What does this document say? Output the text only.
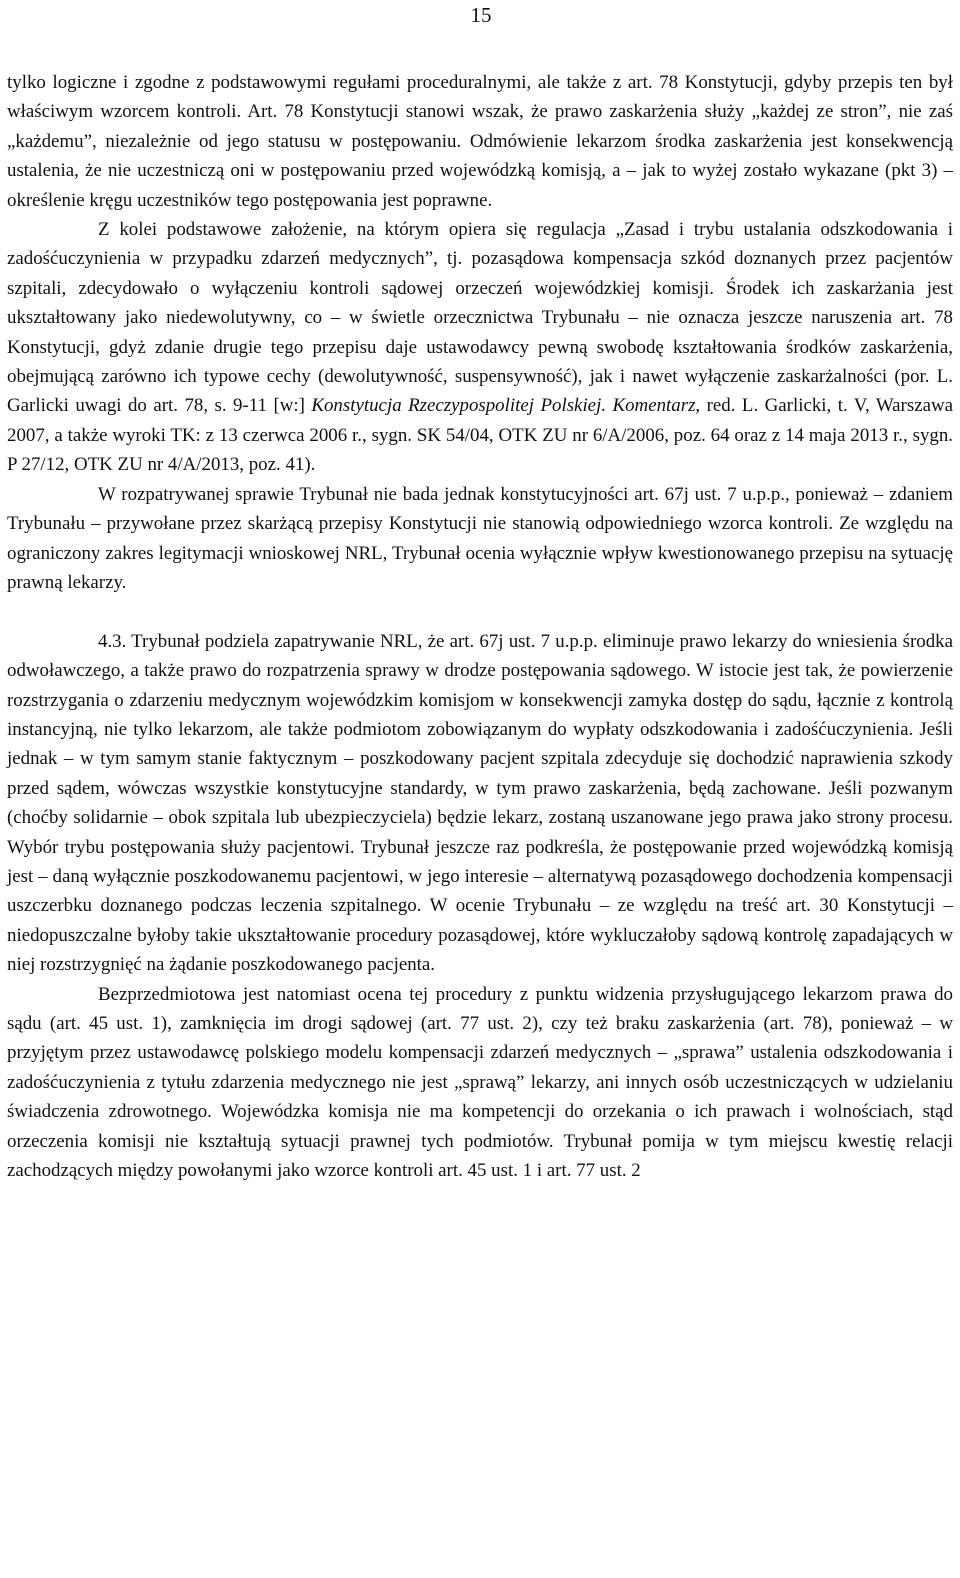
15

tylko logiczne i zgodne z podstawowymi regułami proceduralnymi, ale także z art. 78 Konstytucji, gdyby przepis ten był właściwym wzorcem kontroli. Art. 78 Konstytucji stanowi wszak, że prawo zaskarżenia służy „każdej ze stron”, nie zaś „każdemu”, niezależnie od jego statusu w postępowaniu. Odmówienie lekarzom środka zaskarżenia jest konsekwencją ustalenia, że nie uczestniczą oni w postępowaniu przed wojewódzką komisją, a – jak to wyżej zostało wykazane (pkt 3) – określenie kręgu uczestników tego postępowania jest poprawne.

Z kolei podstawowe założenie, na którym opiera się regulacja „Zasad i trybu ustalania odszkodowania i zadośćuczynienia w przypadku zdarzeń medycznych”, tj. pozasądowa kompensacja szkód doznanych przez pacjentów szpitali, zdecydowało o wyłączeniu kontroli sądowej orzeczeń wojewódzkiej komisji. Środek ich zaskarżania jest ukształtowany jako niedewolutywny, co – w świetle orzecznictwa Trybunału – nie oznacza jeszcze naruszenia art. 78 Konstytucji, gdyż zdanie drugie tego przepisu daje ustawodawcy pewną swobodę kształtowania środków zaskarżenia, obejmującą zarówno ich typowe cechy (dewolutywność, suspensywność), jak i nawet wyłączenie zaskarżalności (por. L. Garlicki uwagi do art. 78, s. 9-11 [w:] Konstytucja Rzeczypospolitej Polskiej. Komentarz, red. L. Garlicki, t. V, Warszawa 2007, a także wyroki TK: z 13 czerwca 2006 r., sygn. SK 54/04, OTK ZU nr 6/A/2006, poz. 64 oraz z 14 maja 2013 r., sygn. P 27/12, OTK ZU nr 4/A/2013, poz. 41).

W rozpatrywanej sprawie Trybunał nie bada jednak konstytucyjności art. 67j ust. 7 u.p.p., ponieważ – zdaniem Trybunału – przywołane przez skarżącą przepisy Konstytucji nie stanowią odpowiedniego wzorca kontroli. Ze względu na ograniczony zakres legitymacji wnioskowej NRL, Trybunał ocenia wyłącznie wpływ kwestionowanego przepisu na sytuację prawną lekarzy.

4.3. Trybunał podziela zapatrywanie NRL, że art. 67j ust. 7 u.p.p. eliminuje prawo lekarzy do wniesienia środka odwoławczego, a także prawo do rozpatrzenia sprawy w drodze postępowania sądowego. W istocie jest tak, że powierzenie rozstrzygania o zdarzeniu medycznym wojewódzkim komisjom w konsekwencji zamyka dostęp do sądu, łącznie z kontrolą instancyjną, nie tylko lekarzom, ale także podmiotom zobowiązanym do wypłaty odszkodowania i zadośćuczynienia. Jeśli jednak – w tym samym stanie faktycznym – poszkodowany pacjent szpitala zdecyduje się dochodzić naprawienia szkody przed sądem, wówczas wszystkie konstytucyjne standardy, w tym prawo zaskarżenia, będą zachowane. Jeśli pozwanym (choćby solidarnie – obok szpitala lub ubezpieczyciela) będzie lekarz, zostaną uszanowane jego prawa jako strony procesu. Wybór trybu postępowania służy pacjentowi. Trybunał jeszcze raz podkreśla, że postępowanie przed wojewódzką komisją jest – daną wyłącznie poszkodowanemu pacjentowi, w jego interesie – alternatywą pozasądowego dochodzenia kompensacji uszczerbku doznanego podczas leczenia szpitalnego. W ocenie Trybunału – ze względu na treść art. 30 Konstytucji – niedopuszczalne byłoby takie ukształtowanie procedury pozasądowej, które wykluczałoby sądową kontrolę zapadających w niej rozstrzygnięć na żądanie poszkodowanego pacjenta.

Bezprzedmiotowa jest natomiast ocena tej procedury z punktu widzenia przysługującego lekarzom prawa do sądu (art. 45 ust. 1), zamknięcia im drogi sądowej (art. 77 ust. 2), czy też braku zaskarżenia (art. 78), ponieważ – w przyjętym przez ustawodawcę polskiego modelu kompensacji zdarzeń medycznych – „sprawa” ustalenia odszkodowania i zadośćuczynienia z tytułu zdarzenia medycznego nie jest „sprawą” lekarzy, ani innych osób uczestniczących w udzielaniu świadczenia zdrowotnego. Wojewódzka komisja nie ma kompetencji do orzekania o ich prawach i wolnościach, stąd orzeczenia komisji nie kształtują sytuacji prawnej tych podmiotów. Trybunał pomija w tym miejscu kwestię relacji zachodzących między powołanymi jako wzorce kontroli art. 45 ust. 1 i art. 77 ust. 2
